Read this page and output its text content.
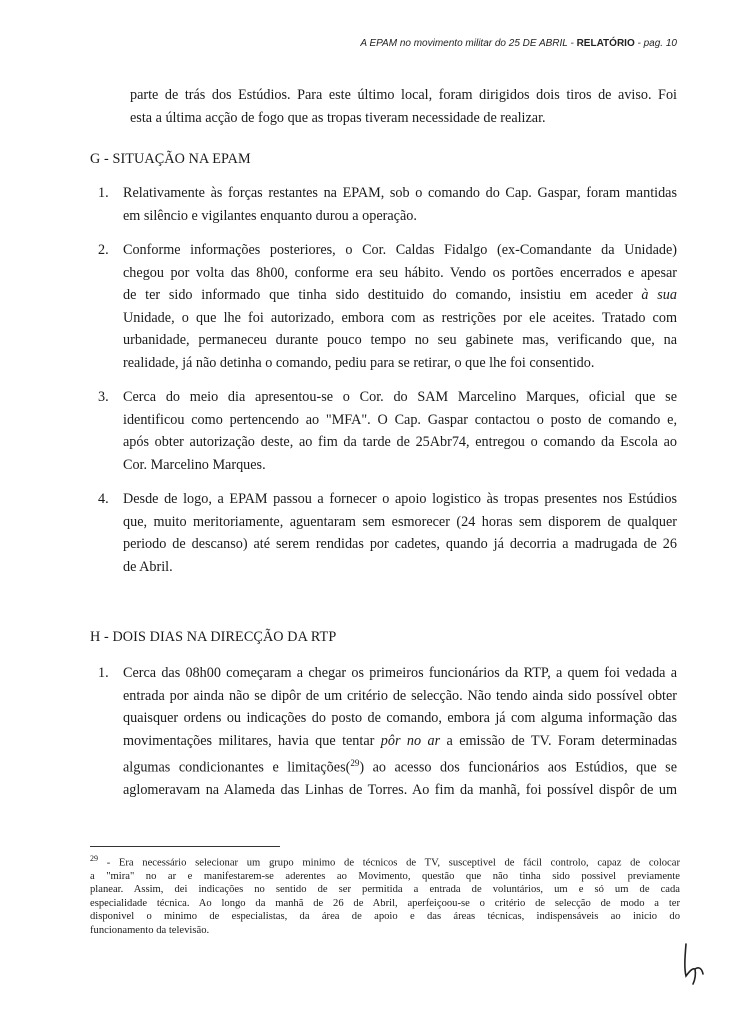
A EPAM no movimento militar do 25 DE ABRIL - RELATÓRIO - pag. 10
parte de trás dos Estúdios. Para este último local, foram dirigidos dois tiros de aviso. Foi
esta a última acção de fogo que as tropas tiveram necessidade de realizar.
G - SITUAÇÃO NA EPAM
1. Relativamente às forças restantes na EPAM, sob o comando do Cap. Gaspar, foram mantidas
em silêncio e vigilantes enquanto durou a operação.
2. Conforme informações posteriores, o Cor. Caldas Fidalgo (ex-Comandante da Unidade)
chegou por volta das 8h00, conforme era seu hábito. Vendo os portões encerrados e apesar
de ter sido informado que tinha sido destituido do comando, insistiu em aceder à sua
Unidade, o que lhe foi autorizado, embora com as restrições por ele aceites. Tratado com
urbanidade, permaneceu durante pouco tempo no seu gabinete mas, verificando que, na
realidade, já não detinha o comando, pediu para se retirar, o que lhe foi consentido.
3. Cerca do meio dia apresentou-se o Cor. do SAM Marcelino Marques, oficial que se
identificou como pertencendo ao "MFA". O Cap. Gaspar contactou o posto de comando e,
após obter autorização deste, ao fim da tarde de 25Abr74, entregou o comando da Escola ao
Cor. Marcelino Marques.
4. Desde de logo, a EPAM passou a fornecer o apoio logistico às tropas presentes nos Estúdios
que, muito meritoriamente, aguentaram sem esmorecer (24 horas sem disporem de qualquer
periodo de descanso) até serem rendidas por cadetes, quando já decorria a madrugada de 26
de Abril.
H - DOIS DIAS NA DIRECÇÃO DA RTP
1. Cerca das 08h00 começaram a chegar os primeiros funcionários da RTP, a quem foi vedada a
entrada por ainda não se dipôr de um critério de selecção. Não tendo ainda sido possível obter
quaisquer ordens ou indicações do posto de comando, embora já com alguma informação das
movimentações militares, havia que tentar pôr no ar a emissão de TV. Foram determinadas
algumas condicionantes e limitações($^{29}$) ao acesso dos funcionários aos Estúdios, que se
aglomeravam na Alameda das Linhas de Torres. Ao fim da manhã, foi possível dispôr de um
$^{29}$ - Era necessário selecionar um grupo minimo de técnicos de TV, susceptivel de fácil controlo, capaz de colocar
a "mira" no ar e manifestarem-se aderentes ao Movimento, questão que não tinha sido possivel previamente
planear. Assim, dei indicações no sentido de ser permitida a entrada de voluntários, um e só um de cada
especialidade técnica. Ao longo da manhã de 26 de Abril, aperfeiçoou-se o critério de selecção de modo a ter
disponivel o minimo de especialistas, da área de apoio e das áreas técnicas, indispensáveis ao inicio do
funcionamento da televisão.
